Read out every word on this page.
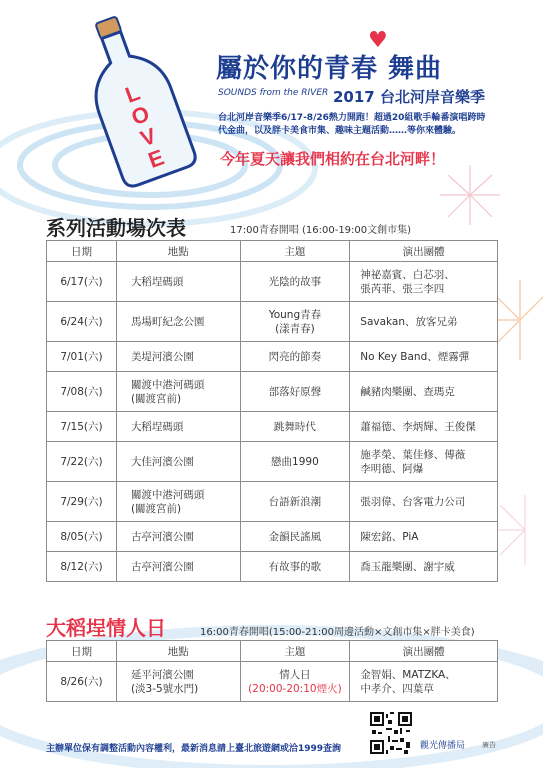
L
O
V
E
♥
屬於你的青春 舞曲
SOUNDS from the RIVER 2017 台北河岸音樂季
台北河岸音樂季6/17-8/26熱力開跑！超過20組歌手輪番演唱跨時
代金曲，以及胖卡美食市集、趣味主題活動……等你來體驗。
今年夏天讓我們相約在台北河畔！
系列活動場次表	17:00青春開唱 (16:00-19:00文創市集)
日期	地點	主題	演出團體

6/17(六)	大稻埕碼頭	光陰的故事	神祕嘉賓、白芯羽、
張芮菲、張三李四

6/24(六)	馬場町紀念公園	Young青春
(漾青春)	Savakan、放客兄弟

7/01(六)	美堤河濱公園	閃亮的節奏	No Key Band、煙霧彈

7/08(六)	關渡中港河碼頭
(關渡宮前)	部落好原聲	鹹豬肉樂團、查瑪克

7/15(六)	大稻埕碼頭	跳舞時代	蕭福德、李炳輝、王俊傑

7/22(六)	大佳河濱公園	戀曲1990	施孝榮、葉佳修、傅薇
李明德、阿爆

7/29(六)	關渡中港河碼頭
(關渡宮前)	台語新浪潮	張羽偉、台客電力公司

8/05(六)	古亭河濱公園	金韻民謠風	陳宏銘、PiA

8/12(六)	古亭河濱公園	有故事的歌	喬玉龍樂團、謝宇威
大稻埕情人日	16:00青春開唱(15:00-21:00周邊活動×文創市集×胖卡美食)
日期	地點	主題	演出團體
8/26(六)	延平河濱公園
(淡3-5號水門)	情人日
(20:00-20:10煙火)	金智娟、MATZKA、
中孝介、四葉草
主辦單位保有調整活動內容權利，最新消息請上臺北旅遊網或洽1999查詢	觀光傳播局 廣告
